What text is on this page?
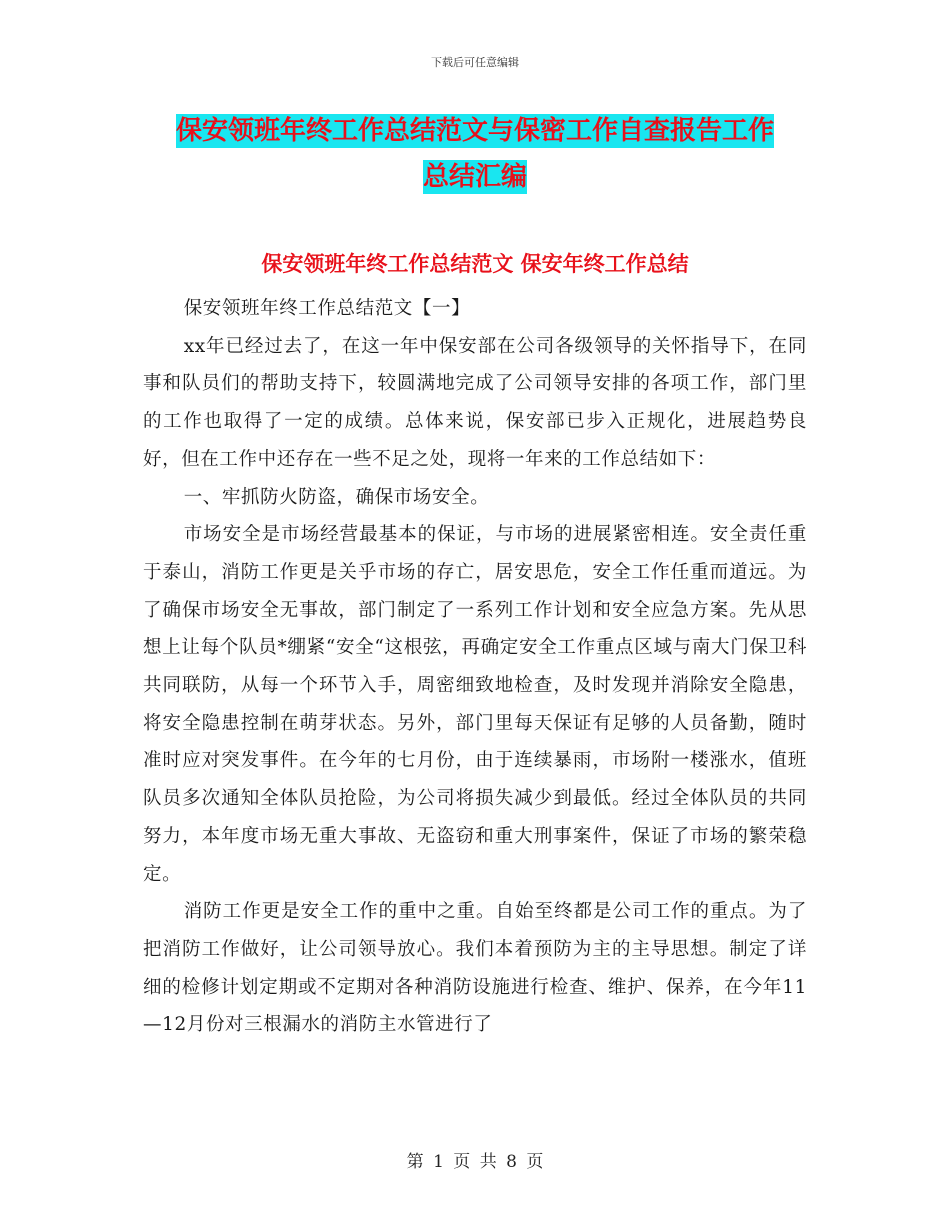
下载后可任意编辑
保安领班年终工作总结范文与保密工作自查报告工作
总结汇编
保安领班年终工作总结范文 保安年终工作总结

保安领班年终工作总结范文【一】

xx年已经过去了，在这一年中保安部在公司各级领导的关怀指导下，在同事和队员们的帮助支持下，较圆满地完成了公司领导安排的各项工作，部门里的工作也取得了一定的成绩。总体来说，保安部已步入正规化，进展趋势良好，但在工作中还存在一些不足之处，现将一年来的工作总结如下：

一、牢抓防火防盗，确保市场安全。

市场安全是市场经营最基本的保证，与市场的进展紧密相连。安全责任重于泰山，消防工作更是关乎市场的存亡，居安思危，安全工作任重而道远。为了确保市场安全无事故，部门制定了一系列工作计划和安全应急方案。先从思想上让每个队员*绷紧“安全“这根弦，再确定安全工作重点区域与南大门保卫科共同联防，从每一个环节入手，周密细致地检查，及时发现并消除安全隐患，将安全隐患控制在萌芽状态。另外，部门里每天保证有足够的人员备勤，随时准时应对突发事件。在今年的七月份，由于连续暴雨，市场附一楼涨水，值班队员多次通知全体队员抢险，为公司将损失减少到最低。经过全体队员的共同努力，本年度市场无重大事故、无盗窃和重大刑事案件，保证了市场的繁荣稳定。

消防工作更是安全工作的重中之重。自始至终都是公司工作的重点。为了把消防工作做好，让公司领导放心。我们本着预防为主的主导思想。制定了详细的检修计划定期或不定期对各种消防设施进行检查、维护、保养，在今年11—12月份对三根漏水的消防主水管进行了

第 1 页 共 8 页
